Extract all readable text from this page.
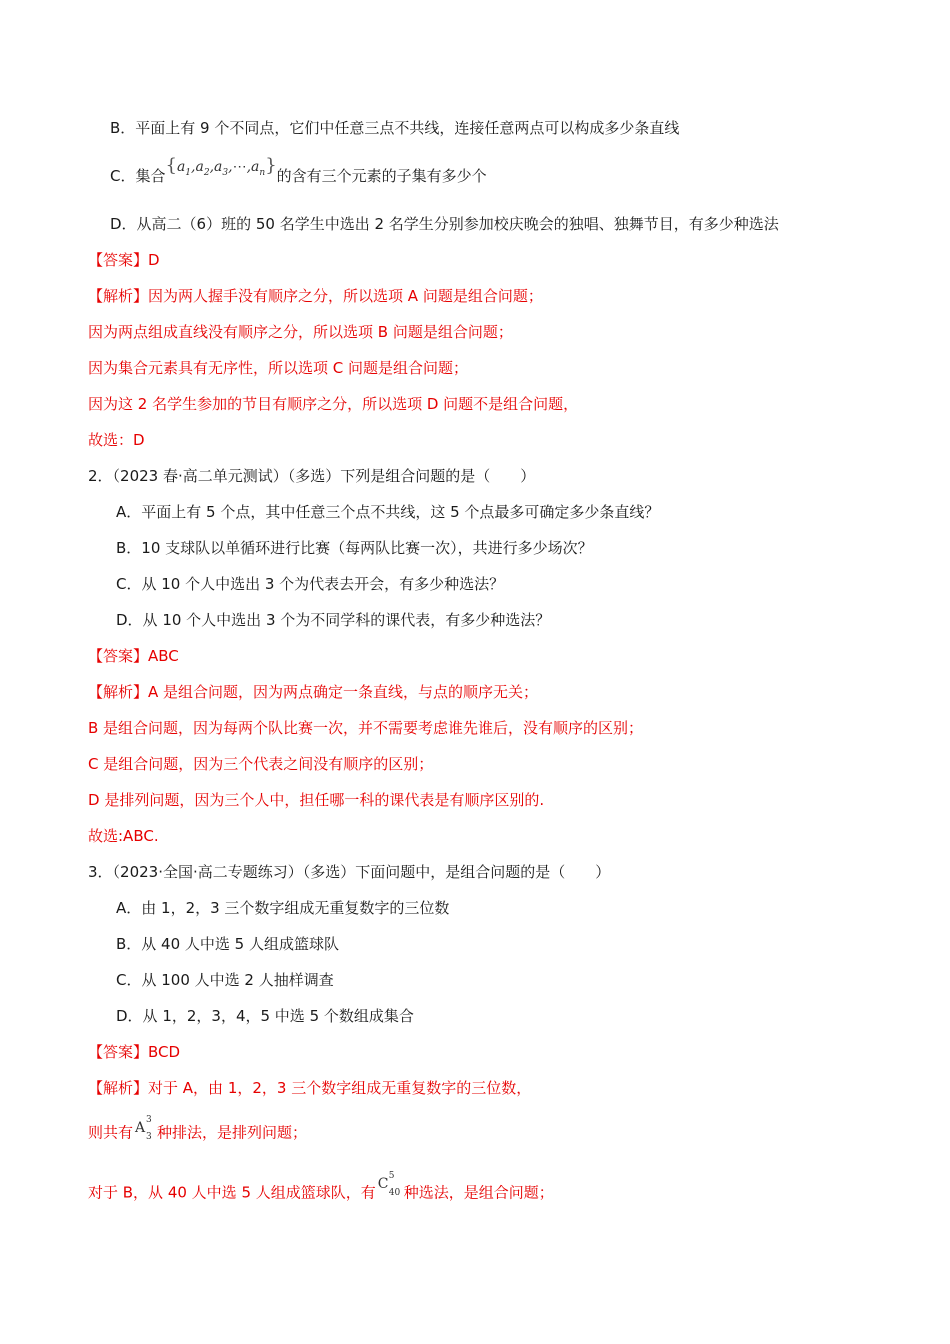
B．平面上有 9 个不同点，它们中任意三点不共线，连接任意两点可以构成多少条直线
C．集合$\{a_1,a_2,a_3,\cdots,a_n\}$的含有三个元素的子集有多少个
D．从高二（6）班的 50 名学生中选出 2 名学生分别参加校庆晚会的独唱、独舞节目，有多少种选法
【答案】D
【解析】因为两人握手没有顺序之分，所以选项 A 问题是组合问题；
因为两点组成直线没有顺序之分，所以选项 B 问题是组合问题；
因为集合元素具有无序性，所以选项 C 问题是组合问题；
因为这 2 名学生参加的节目有顺序之分，所以选项 D 问题不是组合问题，
故选：D
2．（2023 春·高二单元测试）（多选）下列是组合问题的是（　　）
A．平面上有 5 个点，其中任意三个点不共线，这 5 个点最多可确定多少条直线？
B．10 支球队以单循环进行比赛（每两队比赛一次），共进行多少场次？
C．从 10 个人中选出 3 个为代表去开会，有多少种选法？
D．从 10 个人中选出 3 个为不同学科的课代表，有多少种选法？
【答案】ABC
【解析】A 是组合问题，因为两点确定一条直线，与点的顺序无关；
B 是组合问题，因为每两个队比赛一次，并不需要考虑谁先谁后，没有顺序的区别；
C 是组合问题，因为三个代表之间没有顺序的区别；
D 是排列问题，因为三个人中，担任哪一科的课代表是有顺序区别的.
故选:ABC.
3．（2023·全国·高二专题练习）（多选）下面问题中，是组合问题的是（　　）
A．由 1，2，3 三个数字组成无重复数字的三位数
B．从 40 人中选 5 人组成篮球队
C．从 100 人中选 2 人抽样调查
D．从 1，2，3，4，5 中选 5 个数组成集合
【答案】BCD
【解析】对于 A，由 1，2，3 三个数字组成无重复数字的三位数，
则共有 A 3
3 种排法，是排列问题；
对于 B，从 40 人中选 5 人组成篮球队，有 C 5
40 种选法，是组合问题；
